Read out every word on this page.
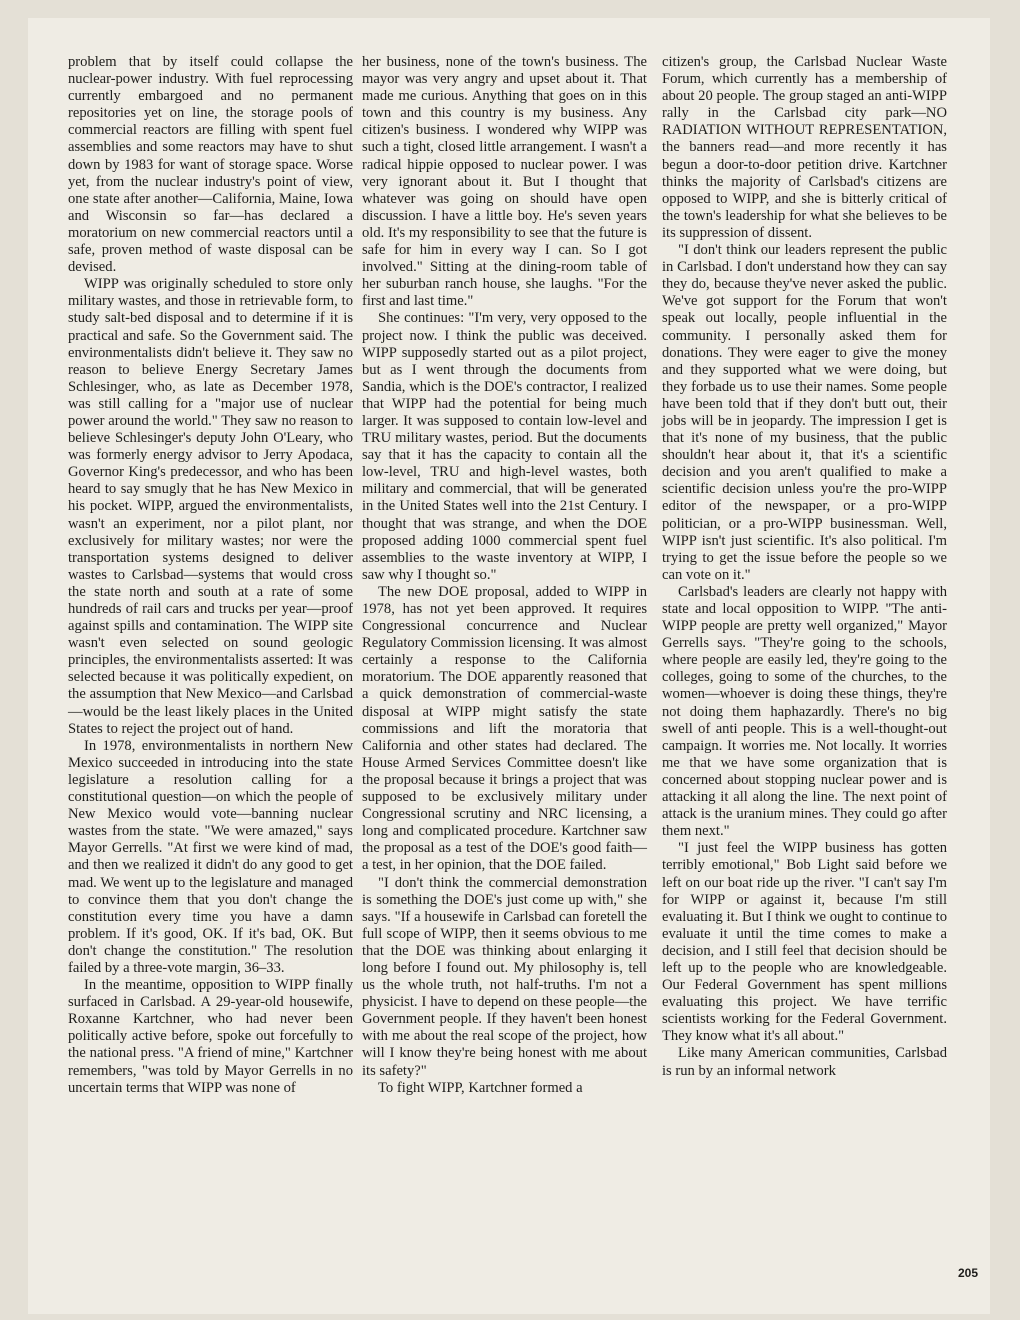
problem that by itself could collapse the nuclear-power industry. With fuel reprocessing currently embargoed and no permanent repositories yet on line, the storage pools of commercial reactors are filling with spent fuel assemblies and some reactors may have to shut down by 1983 for want of storage space. Worse yet, from the nuclear industry's point of view, one state after another—California, Maine, Iowa and Wisconsin so far—has declared a moratorium on new commercial reactors until a safe, proven method of waste disposal can be devised.

WIPP was originally scheduled to store only military wastes, and those in retrievable form, to study salt-bed disposal and to determine if it is practical and safe. So the Government said. The environmentalists didn't believe it. They saw no reason to believe Energy Secretary James Schlesinger, who, as late as December 1978, was still calling for a "major use of nuclear power around the world." They saw no reason to believe Schlesinger's deputy John O'Leary, who was formerly energy advisor to Jerry Apodaca, Governor King's predecessor, and who has been heard to say smugly that he has New Mexico in his pocket. WIPP, argued the environmentalists, wasn't an experiment, nor a pilot plant, nor exclusively for military wastes; nor were the transportation systems designed to deliver wastes to Carlsbad—systems that would cross the state north and south at a rate of some hundreds of rail cars and trucks per year—proof against spills and contamination. The WIPP site wasn't even selected on sound geologic principles, the environmentalists asserted: It was selected because it was politically expedient, on the assumption that New Mexico—and Carlsbad—would be the least likely places in the United States to reject the project out of hand.

In 1978, environmentalists in northern New Mexico succeeded in introducing into the state legislature a resolution calling for a constitutional question—on which the people of New Mexico would vote—banning nuclear wastes from the state. "We were amazed," says Mayor Gerrells. "At first we were kind of mad, and then we realized it didn't do any good to get mad. We went up to the legislature and managed to convince them that you don't change the constitution every time you have a damn problem. If it's good, OK. If it's bad, OK. But don't change the constitution." The resolution failed by a three-vote margin, 36–33.

In the meantime, opposition to WIPP finally surfaced in Carlsbad. A 29-year-old housewife, Roxanne Kartchner, who had never been politically active before, spoke out forcefully to the national press. "A friend of mine," Kartchner remembers, "was told by Mayor Gerrells in no uncertain terms that WIPP was none of

her business, none of the town's business. The mayor was very angry and upset about it. That made me curious. Anything that goes on in this town and this country is my business. Any citizen's business. I wondered why WIPP was such a tight, closed little arrangement. I wasn't a radical hippie opposed to nuclear power. I was very ignorant about it. But I thought that whatever was going on should have open discussion. I have a little boy. He's seven years old. It's my responsibility to see that the future is safe for him in every way I can. So I got involved." Sitting at the dining-room table of her suburban ranch house, she laughs. "For the first and last time."

She continues: "I'm very, very opposed to the project now. I think the public was deceived. WIPP supposedly started out as a pilot project, but as I went through the documents from Sandia, which is the DOE's contractor, I realized that WIPP had the potential for being much larger. It was supposed to contain low-level and TRU military wastes, period. But the documents say that it has the capacity to contain all the low-level, TRU and high-level wastes, both military and commercial, that will be generated in the United States well into the 21st Century. I thought that was strange, and when the DOE proposed adding 1000 commercial spent fuel assemblies to the waste inventory at WIPP, I saw why I thought so."

The new DOE proposal, added to WIPP in 1978, has not yet been approved. It requires Congressional concurrence and Nuclear Regulatory Commission licensing. It was almost certainly a response to the California moratorium. The DOE apparently reasoned that a quick demonstration of commercial-waste disposal at WIPP might satisfy the state commissions and lift the moratoria that California and other states had declared. The House Armed Services Committee doesn't like the proposal because it brings a project that was supposed to be exclusively military under Congressional scrutiny and NRC licensing, a long and complicated procedure. Kartchner saw the proposal as a test of the DOE's good faith—a test, in her opinion, that the DOE failed.

"I don't think the commercial demonstration is something the DOE's just come up with," she says. "If a housewife in Carlsbad can foretell the full scope of WIPP, then it seems obvious to me that the DOE was thinking about enlarging it long before I found out. My philosophy is, tell us the whole truth, not half-truths. I'm not a physicist. I have to depend on these people—the Government people. If they haven't been honest with me about the real scope of the project, how will I know they're being honest with me about its safety?"

To fight WIPP, Kartchner formed a

citizen's group, the Carlsbad Nuclear Waste Forum, which currently has a membership of about 20 people. The group staged an anti-WIPP rally in the Carlsbad city park—NO RADIATION WITHOUT REPRESENTATION, the banners read—and more recently it has begun a door-to-door petition drive. Kartchner thinks the majority of Carlsbad's citizens are opposed to WIPP, and she is bitterly critical of the town's leadership for what she believes to be its suppression of dissent.

"I don't think our leaders represent the public in Carlsbad. I don't understand how they can say they do, because they've never asked the public. We've got support for the Forum that won't speak out locally, people influential in the community. I personally asked them for donations. They were eager to give the money and they supported what we were doing, but they forbade us to use their names. Some people have been told that if they don't butt out, their jobs will be in jeopardy. The impression I get is that it's none of my business, that the public shouldn't hear about it, that it's a scientific decision and you aren't qualified to make a scientific decision unless you're the pro-WIPP editor of the newspaper, or a pro-WIPP politician, or a pro-WIPP businessman. Well, WIPP isn't just scientific. It's also political. I'm trying to get the issue before the people so we can vote on it."

Carlsbad's leaders are clearly not happy with state and local opposition to WIPP. "The anti-WIPP people are pretty well organized," Mayor Gerrells says. "They're going to the schools, where people are easily led, they're going to the colleges, going to some of the churches, to the women—whoever is doing these things, they're not doing them haphazardly. There's no big swell of anti people. This is a well-thought-out campaign. It worries me. Not locally. It worries me that we have some organization that is concerned about stopping nuclear power and is attacking it all along the line. The next point of attack is the uranium mines. They could go after them next."

"I just feel the WIPP business has gotten terribly emotional," Bob Light said before we left on our boat ride up the river. "I can't say I'm for WIPP or against it, because I'm still evaluating it. But I think we ought to continue to evaluate it until the time comes to make a decision, and I still feel that decision should be left up to the people who are knowledgeable. Our Federal Government has spent millions evaluating this project. We have terrific scientists working for the Federal Government. They know what it's all about."

Like many American communities, Carlsbad is run by an informal network

205
